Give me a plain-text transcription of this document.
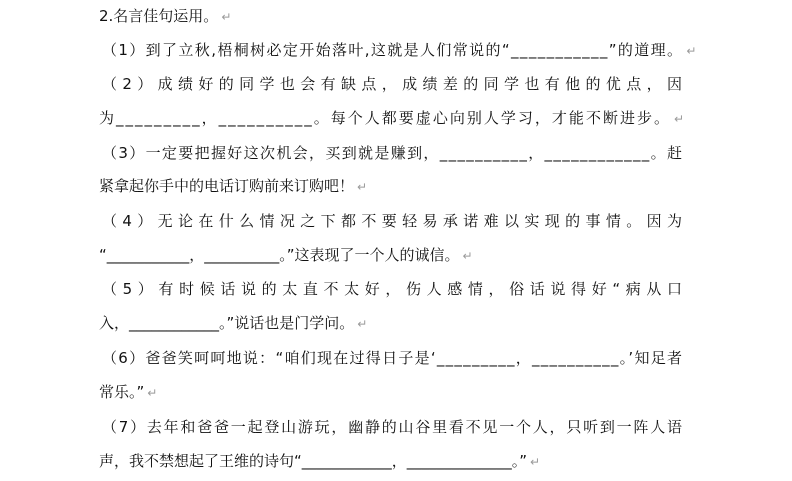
2.名言佳句运用。 ↵
（1）到了立秋,梧桐树必定开始落叶,这就是人们常说的“___________”的道理。 ↵
（2）成绩好的同学也会有缺点，成绩差的同学也有他的优点，因
为_________，__________。每个人都要虚心向别人学习，才能不断进步。 ↵
（3）一定要把握好这次机会，买到就是赚到，__________，____________。赶
紧拿起你手中的电话订购前来订购吧！ ↵
（4）无论在什么情况之下都不要轻易承诺难以实现的事情。因为
“___________，__________。”这表现了一个人的诚信。 ↵
（5）有时候话说的太直不太好，伤人感情，俗话说得好“病从口
入，____________。”说话也是门学问。 ↵
（6）爸爸笑呵呵地说：“咱们现在过得日子是‘_________，__________。’知足者
常乐。” ↵
（7）去年和爸爸一起登山游玩，幽静的山谷里看不见一个人，只听到一阵人语
声，我不禁想起了王维的诗句“____________，______________。” ↵
